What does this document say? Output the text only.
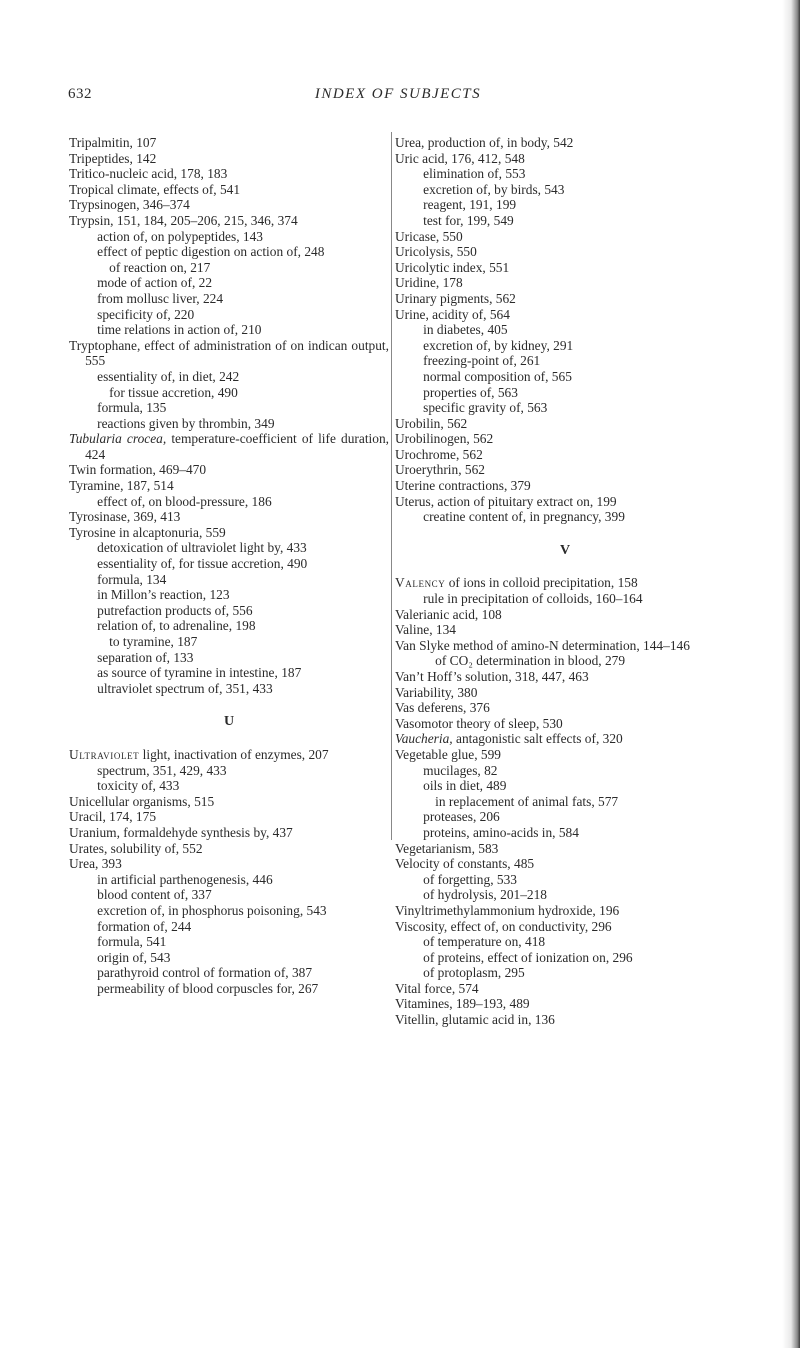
632	INDEX OF SUBJECTS
Tripalmitin, 107
Tripeptides, 142
Tritico-nucleic acid, 178, 183
Tropical climate, effects of, 541
Trypsinogen, 346–374
Trypsin, 151, 184, 205–206, 215, 346, 374
action of, on polypeptides, 143
effect of peptic digestion on action of, 248
of reaction on, 217
mode of action of, 22
from mollusc liver, 224
specificity of, 220
time relations in action of, 210
Tryptophane, effect of administration of on indican output, 555
essentiality of, in diet, 242
for tissue accretion, 490
formula, 135
reactions given by thrombin, 349
Tubularia crocea, temperature-coefficient of life duration, 424
Twin formation, 469–470
Tyramine, 187, 514
effect of, on blood-pressure, 186
Tyrosinase, 369, 413
Tyrosine in alcaptonuria, 559
detoxication of ultraviolet light by, 433
essentiality of, for tissue accretion, 490
formula, 134
in Millon’s reaction, 123
putrefaction products of, 556
relation of, to adrenaline, 198
to tyramine, 187
separation of, 133
as source of tyramine in intestine, 187
ultraviolet spectrum of, 351, 433
U
Ultraviolet light, inactivation of enzymes, 207
spectrum, 351, 429, 433
toxicity of, 433
Unicellular organisms, 515
Uracil, 174, 175
Uranium, formaldehyde synthesis by, 437
Urates, solubility of, 552
Urea, 393
in artificial parthenogenesis, 446
blood content of, 337
excretion of, in phosphorus poisoning, 543
formation of, 244
formula, 541
origin of, 543
parathyroid control of formation of, 387
permeability of blood corpuscles for, 267
Urea, production of, in body, 542
Uric acid, 176, 412, 548
elimination of, 553
excretion of, by birds, 543
reagent, 191, 199
test for, 199, 549
Uricase, 550
Uricolysis, 550
Uricolytic index, 551
Uridine, 178
Urinary pigments, 562
Urine, acidity of, 564
in diabetes, 405
excretion of, by kidney, 291
freezing-point of, 261
normal composition of, 565
properties of, 563
specific gravity of, 563
Urobilin, 562
Urobilinogen, 562
Urochrome, 562
Uroerythrin, 562
Uterine contractions, 379
Uterus, action of pituitary extract on, 199
creatine content of, in pregnancy, 399
V
Valency of ions in colloid precipitation, 158
rule in precipitation of colloids, 160–164
Valerianic acid, 108
Valine, 134
Van Slyke method of amino-N determination, 144–146
of CO₂ determination in blood, 279
Van’t Hoff’s solution, 318, 447, 463
Variability, 380
Vas deferens, 376
Vasomotor theory of sleep, 530
Vaucheria, antagonistic salt effects of, 320
Vegetable glue, 599
mucilages, 82
oils in diet, 489
in replacement of animal fats, 577
proteases, 206
proteins, amino-acids in, 584
Vegetarianism, 583
Velocity of constants, 485
of forgetting, 533
of hydrolysis, 201–218
Vinyltrimethylammonium hydroxide, 196
Viscosity, effect of, on conductivity, 296
of temperature on, 418
of proteins, effect of ionization on, 296
of protoplasm, 295
Vital force, 574
Vitamines, 189–193, 489
Vitellin, glutamic acid in, 136
